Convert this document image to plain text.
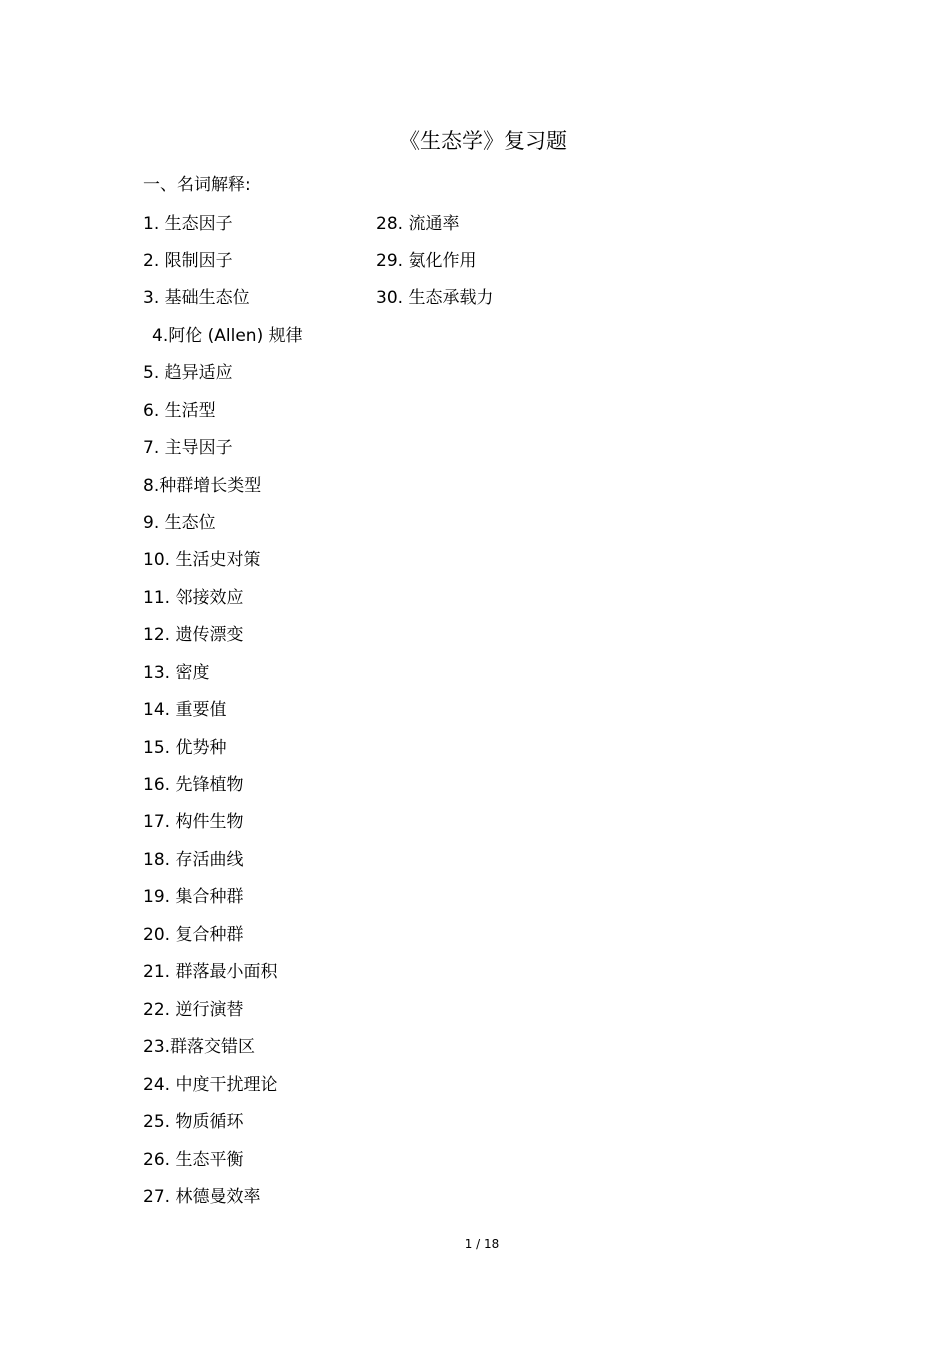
《生态学》复习题
一、名词解释:
1. 生态因子
2. 限制因子
3. 基础生态位
4.阿伦 (Allen) 规律
5. 趋异适应
6. 生活型
7. 主导因子
8.种群增长类型
9. 生态位
10. 生活史对策
11. 邻接效应
12. 遗传漂变
13. 密度
14. 重要值
15. 优势种
16. 先锋植物
17. 构件生物
18. 存活曲线
19. 集合种群
20. 复合种群
21. 群落最小面积
22. 逆行演替
23.群落交错区
24. 中度干扰理论
25. 物质循环
26. 生态平衡
27. 林德曼效率
28. 流通率
29. 氨化作用
30. 生态承载力
1 / 18
